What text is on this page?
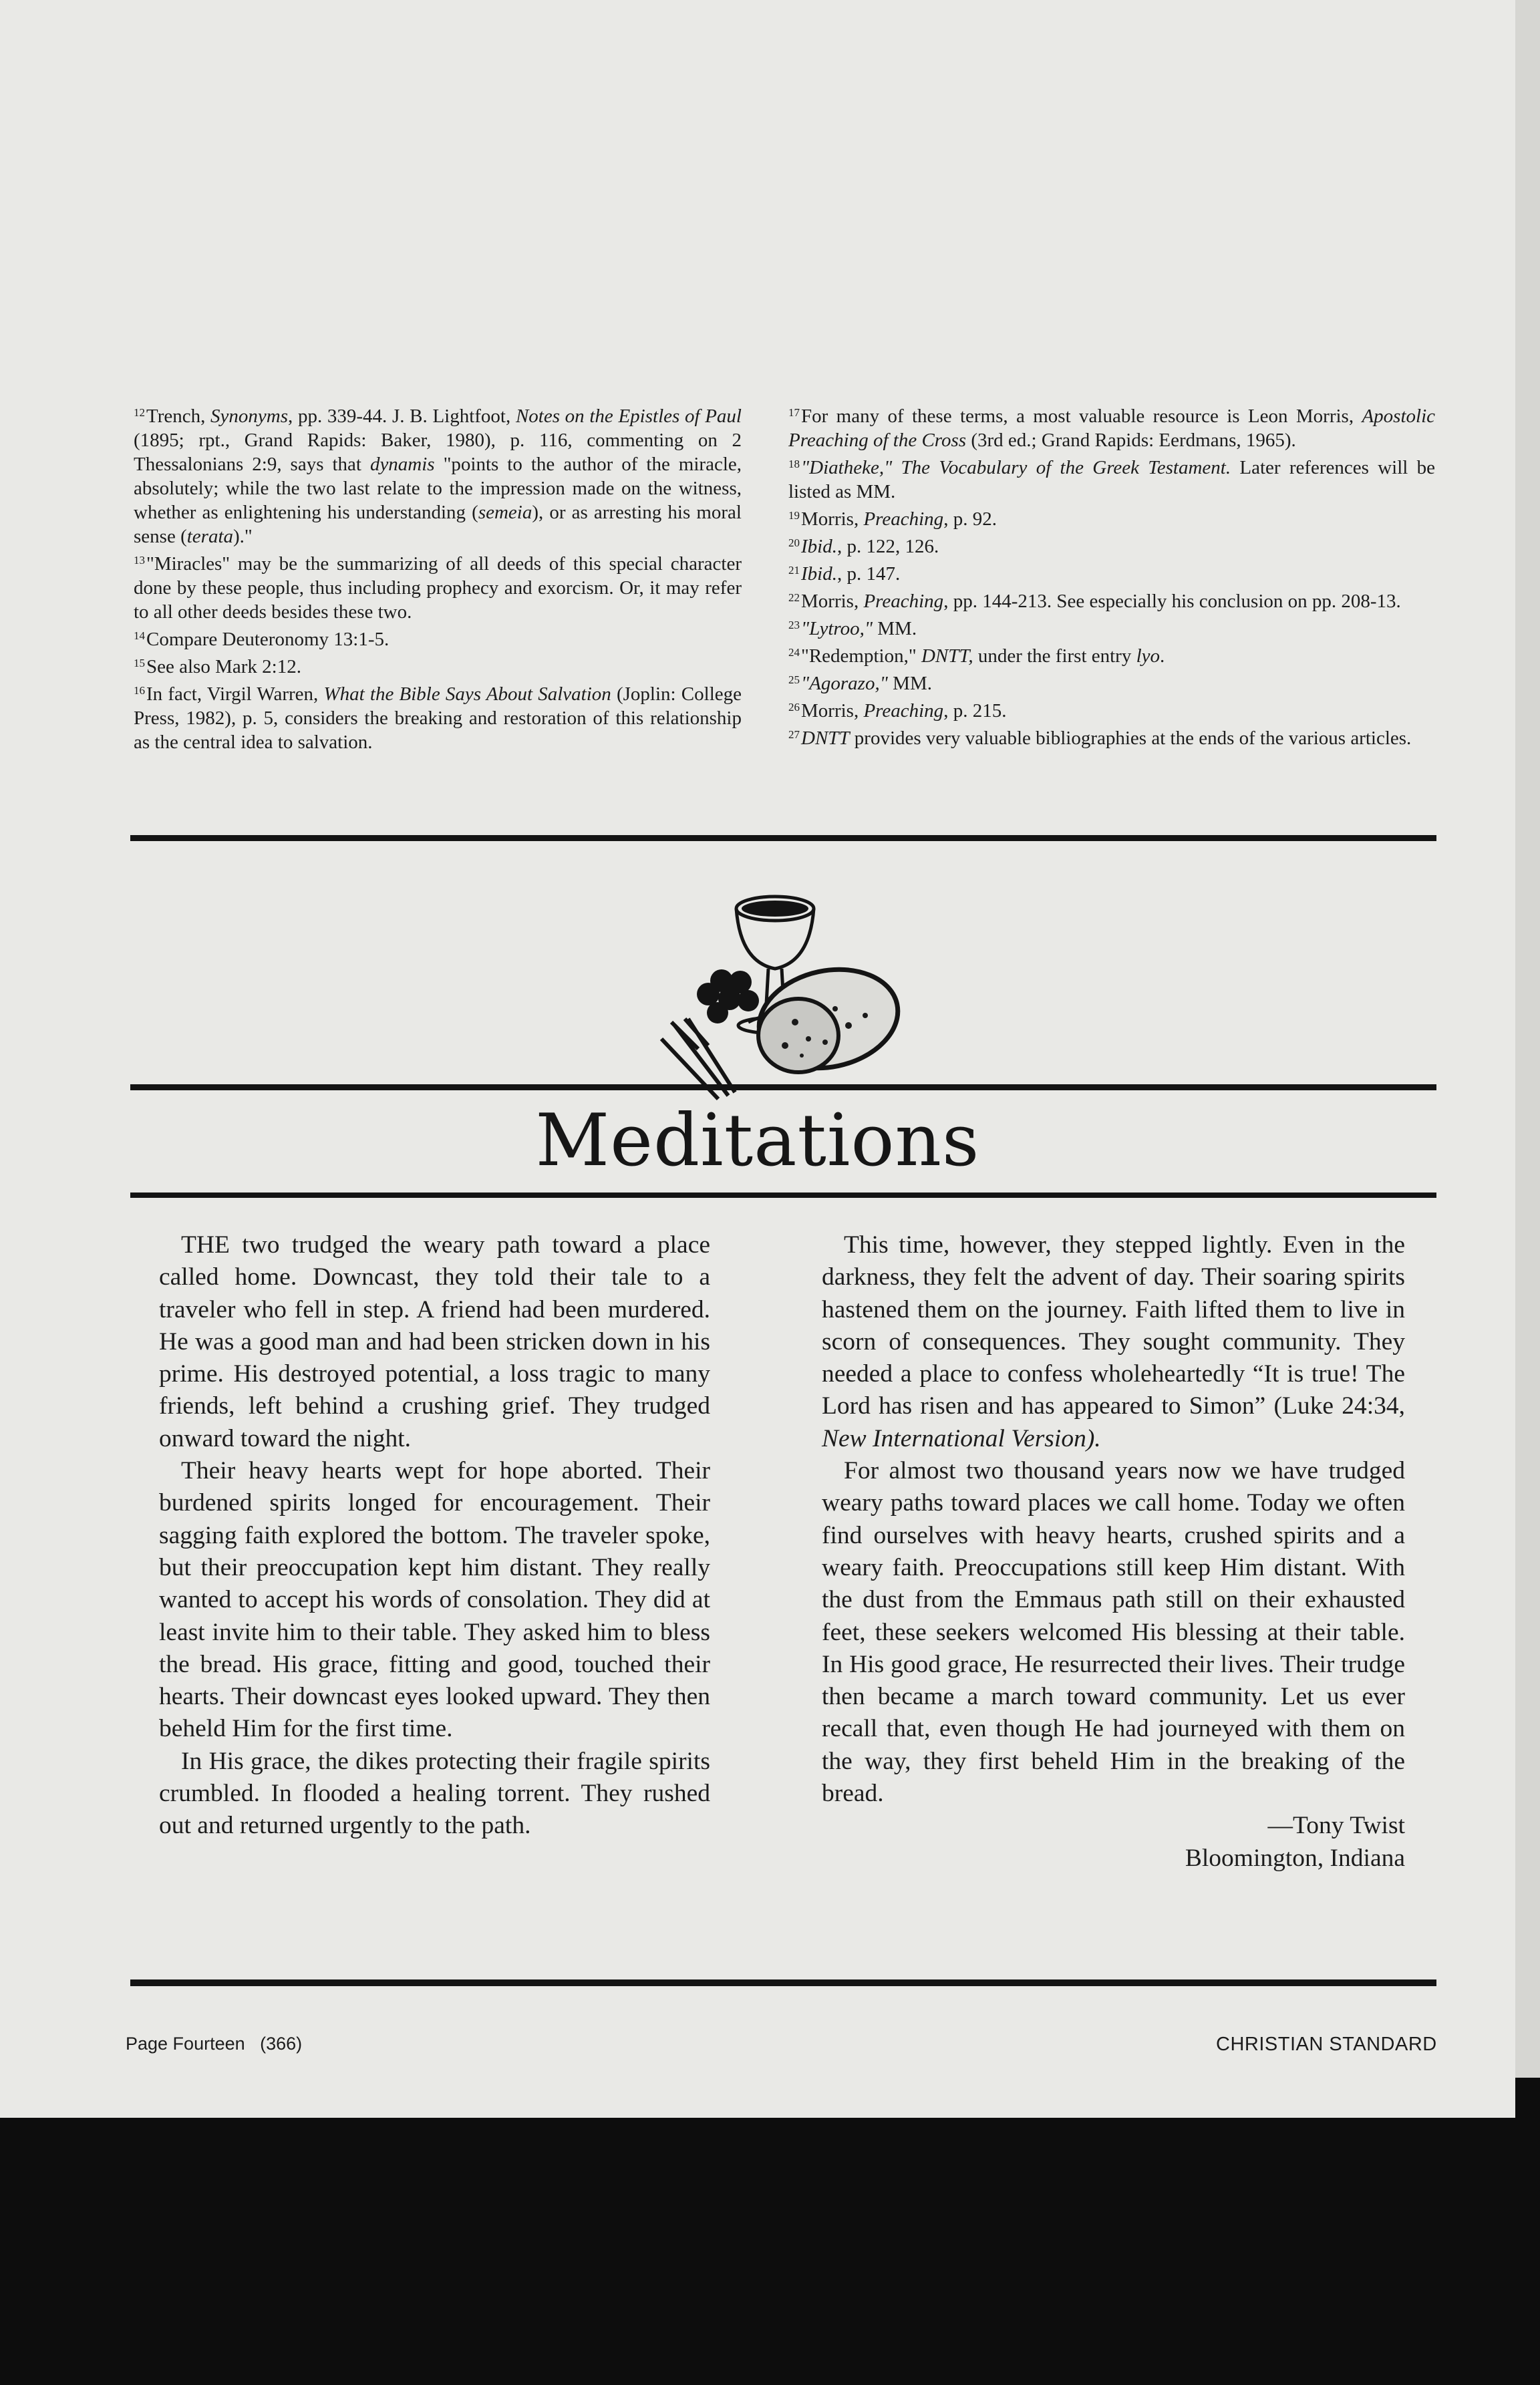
$^{12}$Trench, Synonyms, pp. 339-44. J. B. Lightfoot, Notes on the Epistles of Paul (1895; rpt., Grand Rapids: Baker, 1980), p. 116, commenting on 2 Thessalonians 2:9, says that dynamis "points to the author of the miracle, absolutely; while the two last relate to the impression made on the witness, whether as enlightening his understanding (semeia), or as arresting his moral sense (terata)."

$^{13}$"Miracles" may be the summarizing of all deeds of this special character done by these people, thus including prophecy and exorcism. Or, it may refer to all other deeds besides these two.

$^{14}$Compare Deuteronomy 13:1-5.

$^{15}$See also Mark 2:12.

$^{16}$In fact, Virgil Warren, What the Bible Says About Salvation (Joplin: College Press, 1982), p. 5, considers the breaking and restoration of this relationship as the central idea to salvation.

$^{17}$For many of these terms, a most valuable resource is Leon Morris, Apostolic Preaching of the Cross (3rd ed.; Grand Rapids: Eerdmans, 1965).

$^{18}$"Diatheke," The Vocabulary of the Greek Testament. Later references will be listed as MM.

$^{19}$Morris, Preaching, p. 92.

$^{20}$Ibid., p. 122, 126.

$^{21}$Ibid., p. 147.

$^{22}$Morris, Preaching, pp. 144-213. See especially his conclusion on pp. 208-13.

$^{23}$"Lytroo," MM.

$^{24}$"Redemption," DNTT, under the first entry lyo.

$^{25}$"Agorazo," MM.

$^{26}$Morris, Preaching, p. 215.

$^{27}$DNTT provides very valuable bibliographies at the ends of the various articles.

Meditations

THE two trudged the weary path toward a place called home. Downcast, they told their tale to a traveler who fell in step. A friend had been murdered. He was a good man and had been stricken down in his prime. His destroyed potential, a loss tragic to many friends, left behind a crushing grief. They trudged onward toward the night.

Their heavy hearts wept for hope aborted. Their burdened spirits longed for encouragement. Their sagging faith explored the bottom. The traveler spoke, but their preoccupation kept him distant. They really wanted to accept his words of consolation. They did at least invite him to their table. They asked him to bless the bread. His grace, fitting and good, touched their hearts. Their downcast eyes looked upward. They then beheld Him for the first time.

In His grace, the dikes protecting their fragile spirits crumbled. In flooded a healing torrent. They rushed out and returned urgently to the path.

This time, however, they stepped lightly. Even in the darkness, they felt the advent of day. Their soaring spirits hastened them on the journey. Faith lifted them to live in scorn of consequences. They sought community. They needed a place to confess wholeheartedly “It is true! The Lord has risen and has appeared to Simon” (Luke 24:34, New International Version).

For almost two thousand years now we have trudged weary paths toward places we call home. Today we often find ourselves with heavy hearts, crushed spirits and a weary faith. Preoccupations still keep Him distant. With the dust from the Emmaus path still on their exhausted feet, these seekers welcomed His blessing at their table. In His good grace, He resurrected their lives. Their trudge then became a march toward community. Let us ever recall that, even though He had journeyed with them on the way, they first beheld Him in the breaking of the bread.

—Tony Twist
Bloomington, Indiana
Page Fourteen   (366)	CHRISTIAN STANDARD
